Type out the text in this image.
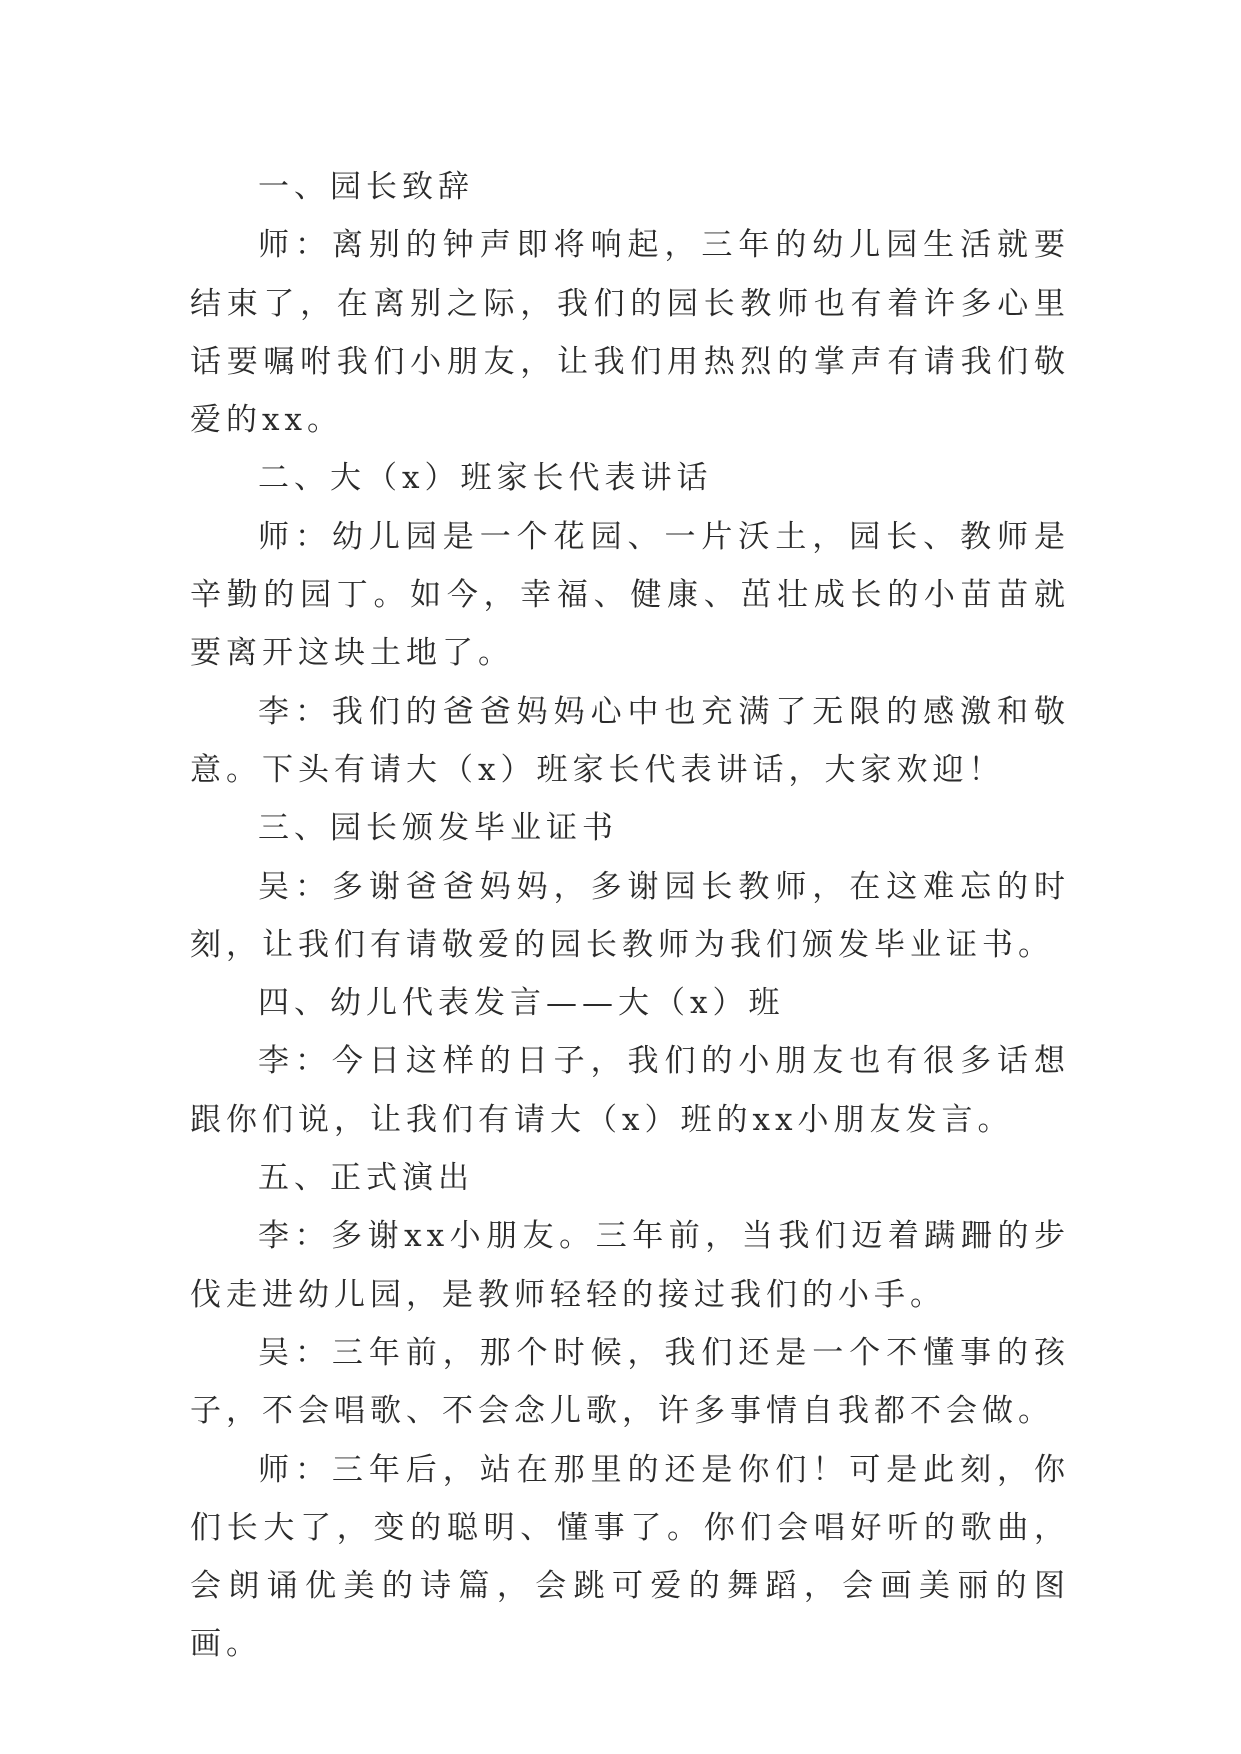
一、园长致辞

师：离别的钟声即将响起，三年的幼儿园生活就要结束了，在离别之际，我们的园长教师也有着许多心里话要嘱咐我们小朋友，让我们用热烈的掌声有请我们敬爱的xx。

二、大（x）班家长代表讲话

师：幼儿园是一个花园、一片沃土，园长、教师是辛勤的园丁。如今，幸福、健康、茁壮成长的小苗苗就要离开这块土地了。

李：我们的爸爸妈妈心中也充满了无限的感激和敬意。下头有请大（x）班家长代表讲话，大家欢迎！

三、园长颁发毕业证书

吴：多谢爸爸妈妈，多谢园长教师，在这难忘的时刻，让我们有请敬爱的园长教师为我们颁发毕业证书。

四、幼儿代表发言——大（x）班

李：今日这样的日子，我们的小朋友也有很多话想跟你们说，让我们有请大（x）班的xx小朋友发言。

五、正式演出

李：多谢xx小朋友。三年前，当我们迈着蹒跚的步伐走进幼儿园，是教师轻轻的接过我们的小手。

吴：三年前，那个时候，我们还是一个不懂事的孩子，不会唱歌、不会念儿歌，许多事情自我都不会做。

师：三年后，站在那里的还是你们！可是此刻，你们长大了，变的聪明、懂事了。你们会唱好听的歌曲，会朗诵优美的诗篇，会跳可爱的舞蹈，会画美丽的图画。
